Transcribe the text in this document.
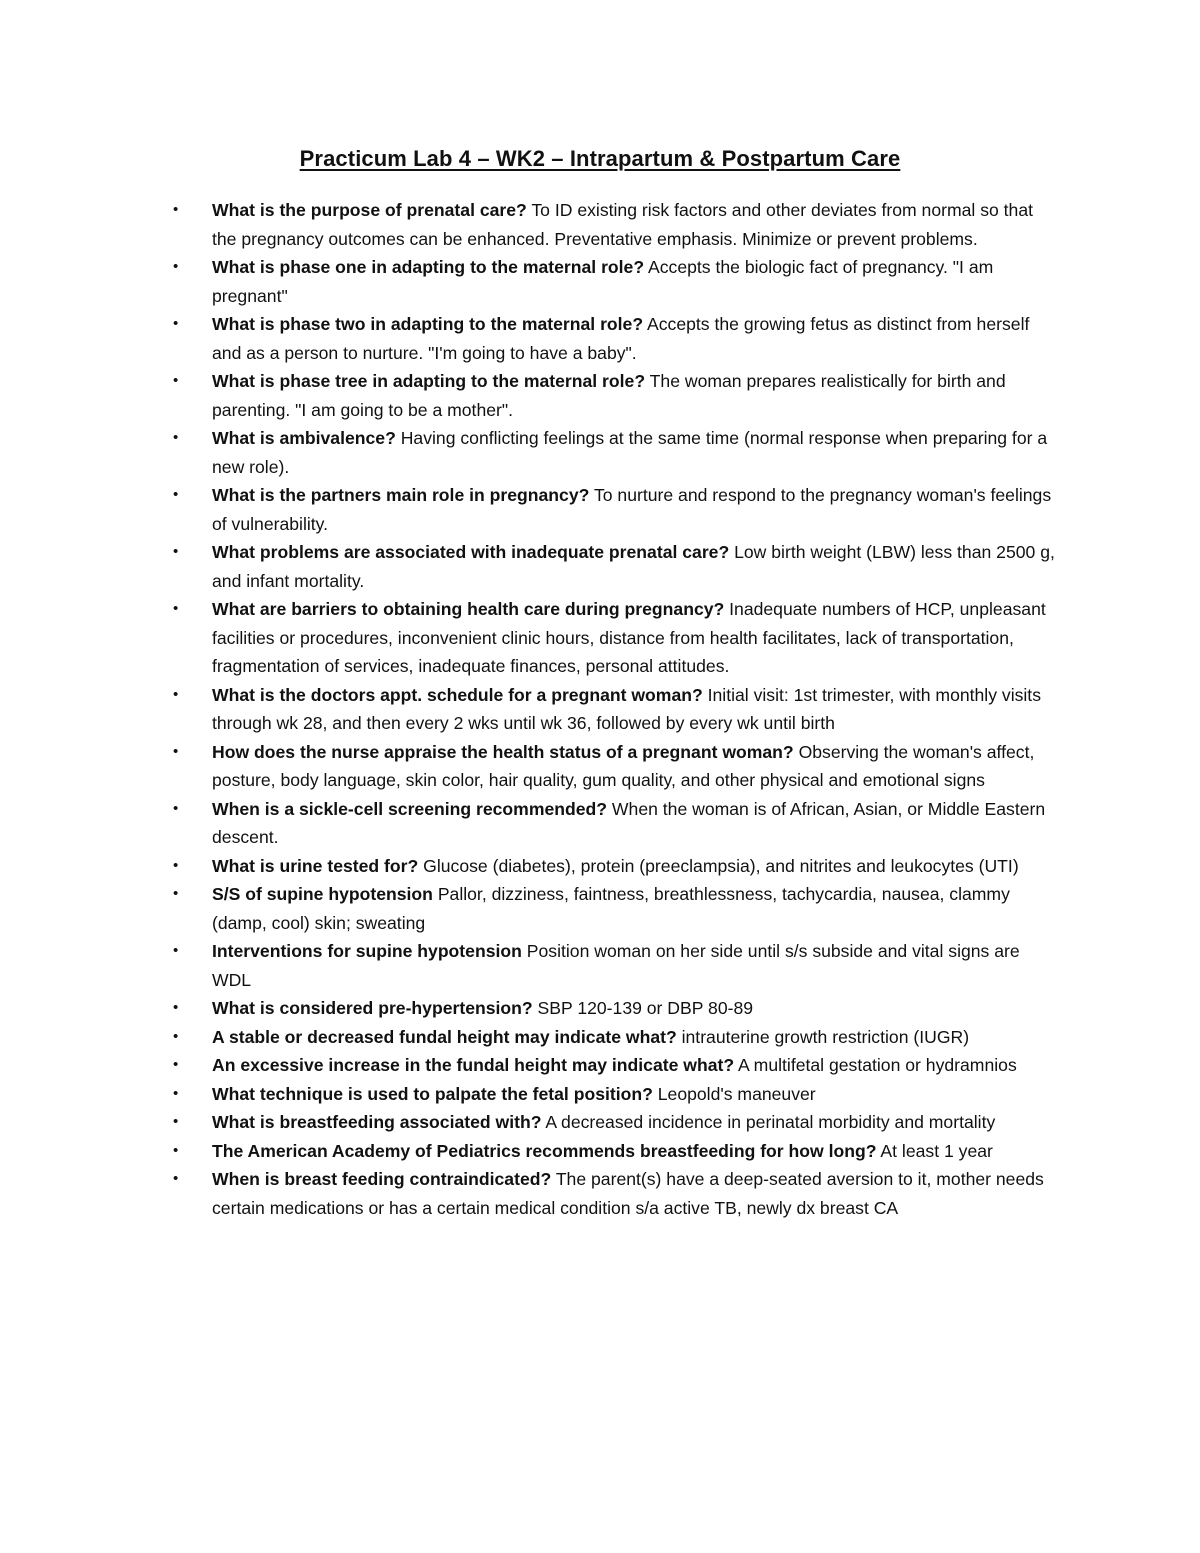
Practicum Lab 4 – WK2 – Intrapartum & Postpartum Care
• What is the purpose of prenatal care? To ID existing risk factors and other deviates from normal so that the pregnancy outcomes can be enhanced. Preventative emphasis. Minimize or prevent problems.
• What is phase one in adapting to the maternal role? Accepts the biologic fact of pregnancy. "I am pregnant"
• What is phase two in adapting to the maternal role? Accepts the growing fetus as distinct from herself and as a person to nurture. "I'm going to have a baby".
• What is phase tree in adapting to the maternal role? The woman prepares realistically for birth and parenting. "I am going to be a mother".
• What is ambivalence? Having conflicting feelings at the same time (normal response when preparing for a new role).
• What is the partners main role in pregnancy? To nurture and respond to the pregnancy woman's feelings of vulnerability.
• What problems are associated with inadequate prenatal care? Low birth weight (LBW) less than 2500 g, and infant mortality.
• What are barriers to obtaining health care during pregnancy? Inadequate numbers of HCP, unpleasant facilities or procedures, inconvenient clinic hours, distance from health facilitates, lack of transportation, fragmentation of services, inadequate finances, personal attitudes.
• What is the doctors appt. schedule for a pregnant woman? Initial visit: 1st trimester, with monthly visits through wk 28, and then every 2 wks until wk 36, followed by every wk until birth
• How does the nurse appraise the health status of a pregnant woman? Observing the woman's affect, posture, body language, skin color, hair quality, gum quality, and other physical and emotional signs
• When is a sickle-cell screening recommended? When the woman is of African, Asian, or Middle Eastern descent.
• What is urine tested for? Glucose (diabetes), protein (preeclampsia), and nitrites and leukocytes (UTI)
• S/S of supine hypotension Pallor, dizziness, faintness, breathlessness, tachycardia, nausea, clammy (damp, cool) skin; sweating
• Interventions for supine hypotension Position woman on her side until s/s subside and vital signs are WDL
• What is considered pre-hypertension? SBP 120-139 or DBP 80-89
• A stable or decreased fundal height may indicate what? intrauterine growth restriction (IUGR)
• An excessive increase in the fundal height may indicate what? A multifetal gestation or hydramnios
• What technique is used to palpate the fetal position? Leopold's maneuver
• What is breastfeeding associated with? A decreased incidence in perinatal morbidity and mortality
• The American Academy of Pediatrics recommends breastfeeding for how long? At least 1 year
• When is breast feeding contraindicated? The parent(s) have a deep-seated aversion to it, mother needs certain medications or has a certain medical condition s/a active TB, newly dx breast CA
